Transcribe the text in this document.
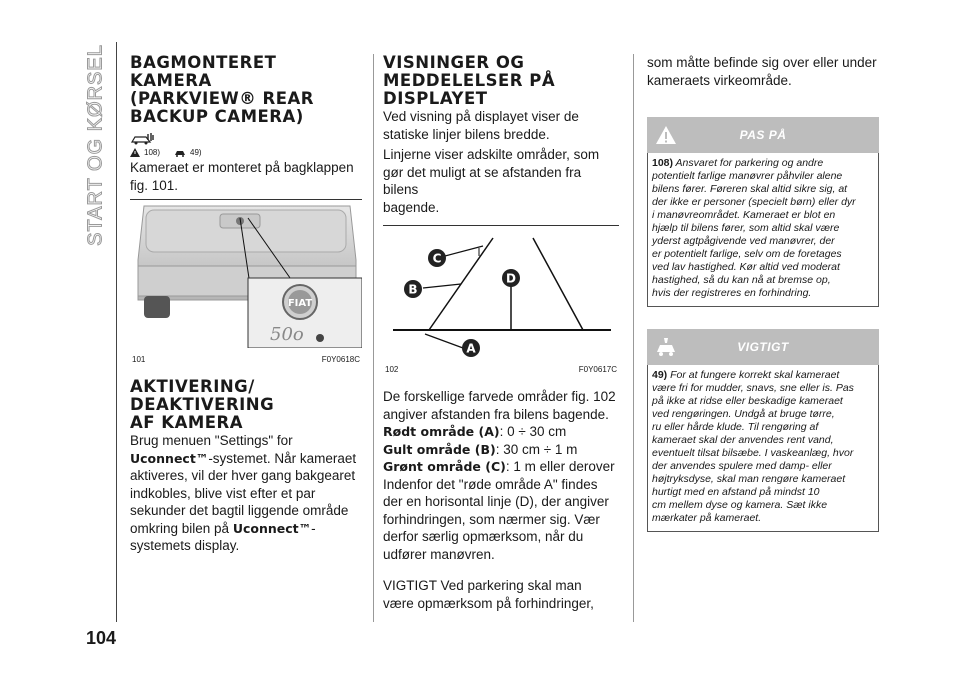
START OG KØRSEL
104
BAGMONTERET
KAMERA
(PARKVIEW® REAR
BACKUP CAMERA)
108)	49)

Kameraet er monteret på bagklappen
fig. 101.

FIAT
50o
101	F0Y0618C
AKTIVERING/
DEAKTIVERING
AF KAMERA

Brug menuen "Settings" for
Uconnect™-systemet. Når kameraet
aktiveres, vil der hver gang bakgearet
indkobles, blive vist efter et par
sekunder det bagtil liggende område
omkring bilen på Uconnect™-
systemets display.

VISNINGER OG
MEDDELELSER PÅ
DISPLAYET

Ved visning på displayet viser de
statiske linjer bilens bredde.

Linjerne viser adskilte områder, som
gør det muligt at se afstanden fra bilens
bagende.

C
B
D
A
102	F0Y0617C

De forskellige farvede områder fig. 102
angiver afstanden fra bilens bagende.

Rødt område (A): 0 ÷ 30 cm

Gult område (B): 30 cm ÷ 1 m

Grønt område (C): 1 m eller derover

Indenfor det "røde område A" findes
der en horisontal linje (D), der angiver
forhindringen, som nærmer sig. Vær
derfor særlig opmærksom, når du
udfører manøvren.

VIGTIGT Ved parkering skal man
være opmærksom på forhindringer,

som måtte befinde sig over eller under
kameraets virkeområde.

PAS PÅ
108) Ansvaret for parkering og andre
potentielt farlige manøvrer påhviler alene
bilens fører. Føreren skal altid sikre sig, at
der ikke er personer (specielt børn) eller dyr
i manøvreområdet. Kameraet er blot en
hjælp til bilens fører, som altid skal være
yderst agtpågivende ved manøvrer, der
er potentielt farlige, selv om de foretages
ved lav hastighed. Kør altid ved moderat
hastighed, så du kan nå at bremse op,
hvis der registreres en forhindring.
VIGTIGT
49) For at fungere korrekt skal kameraet
være fri for mudder, snavs, sne eller is. Pas
på ikke at ridse eller beskadige kameraet
ved rengøringen. Undgå at bruge tørre,
ru eller hårde klude. Til rengøring af
kameraet skal der anvendes rent vand,
eventuelt tilsat bilsæbe. I vaskeanlæg, hvor
der anvendes spulere med damp- eller
højtryksdyse, skal man rengøre kameraet
hurtigt med en afstand på mindst 10
cm mellem dyse og kamera. Sæt ikke
mærkater på kameraet.
